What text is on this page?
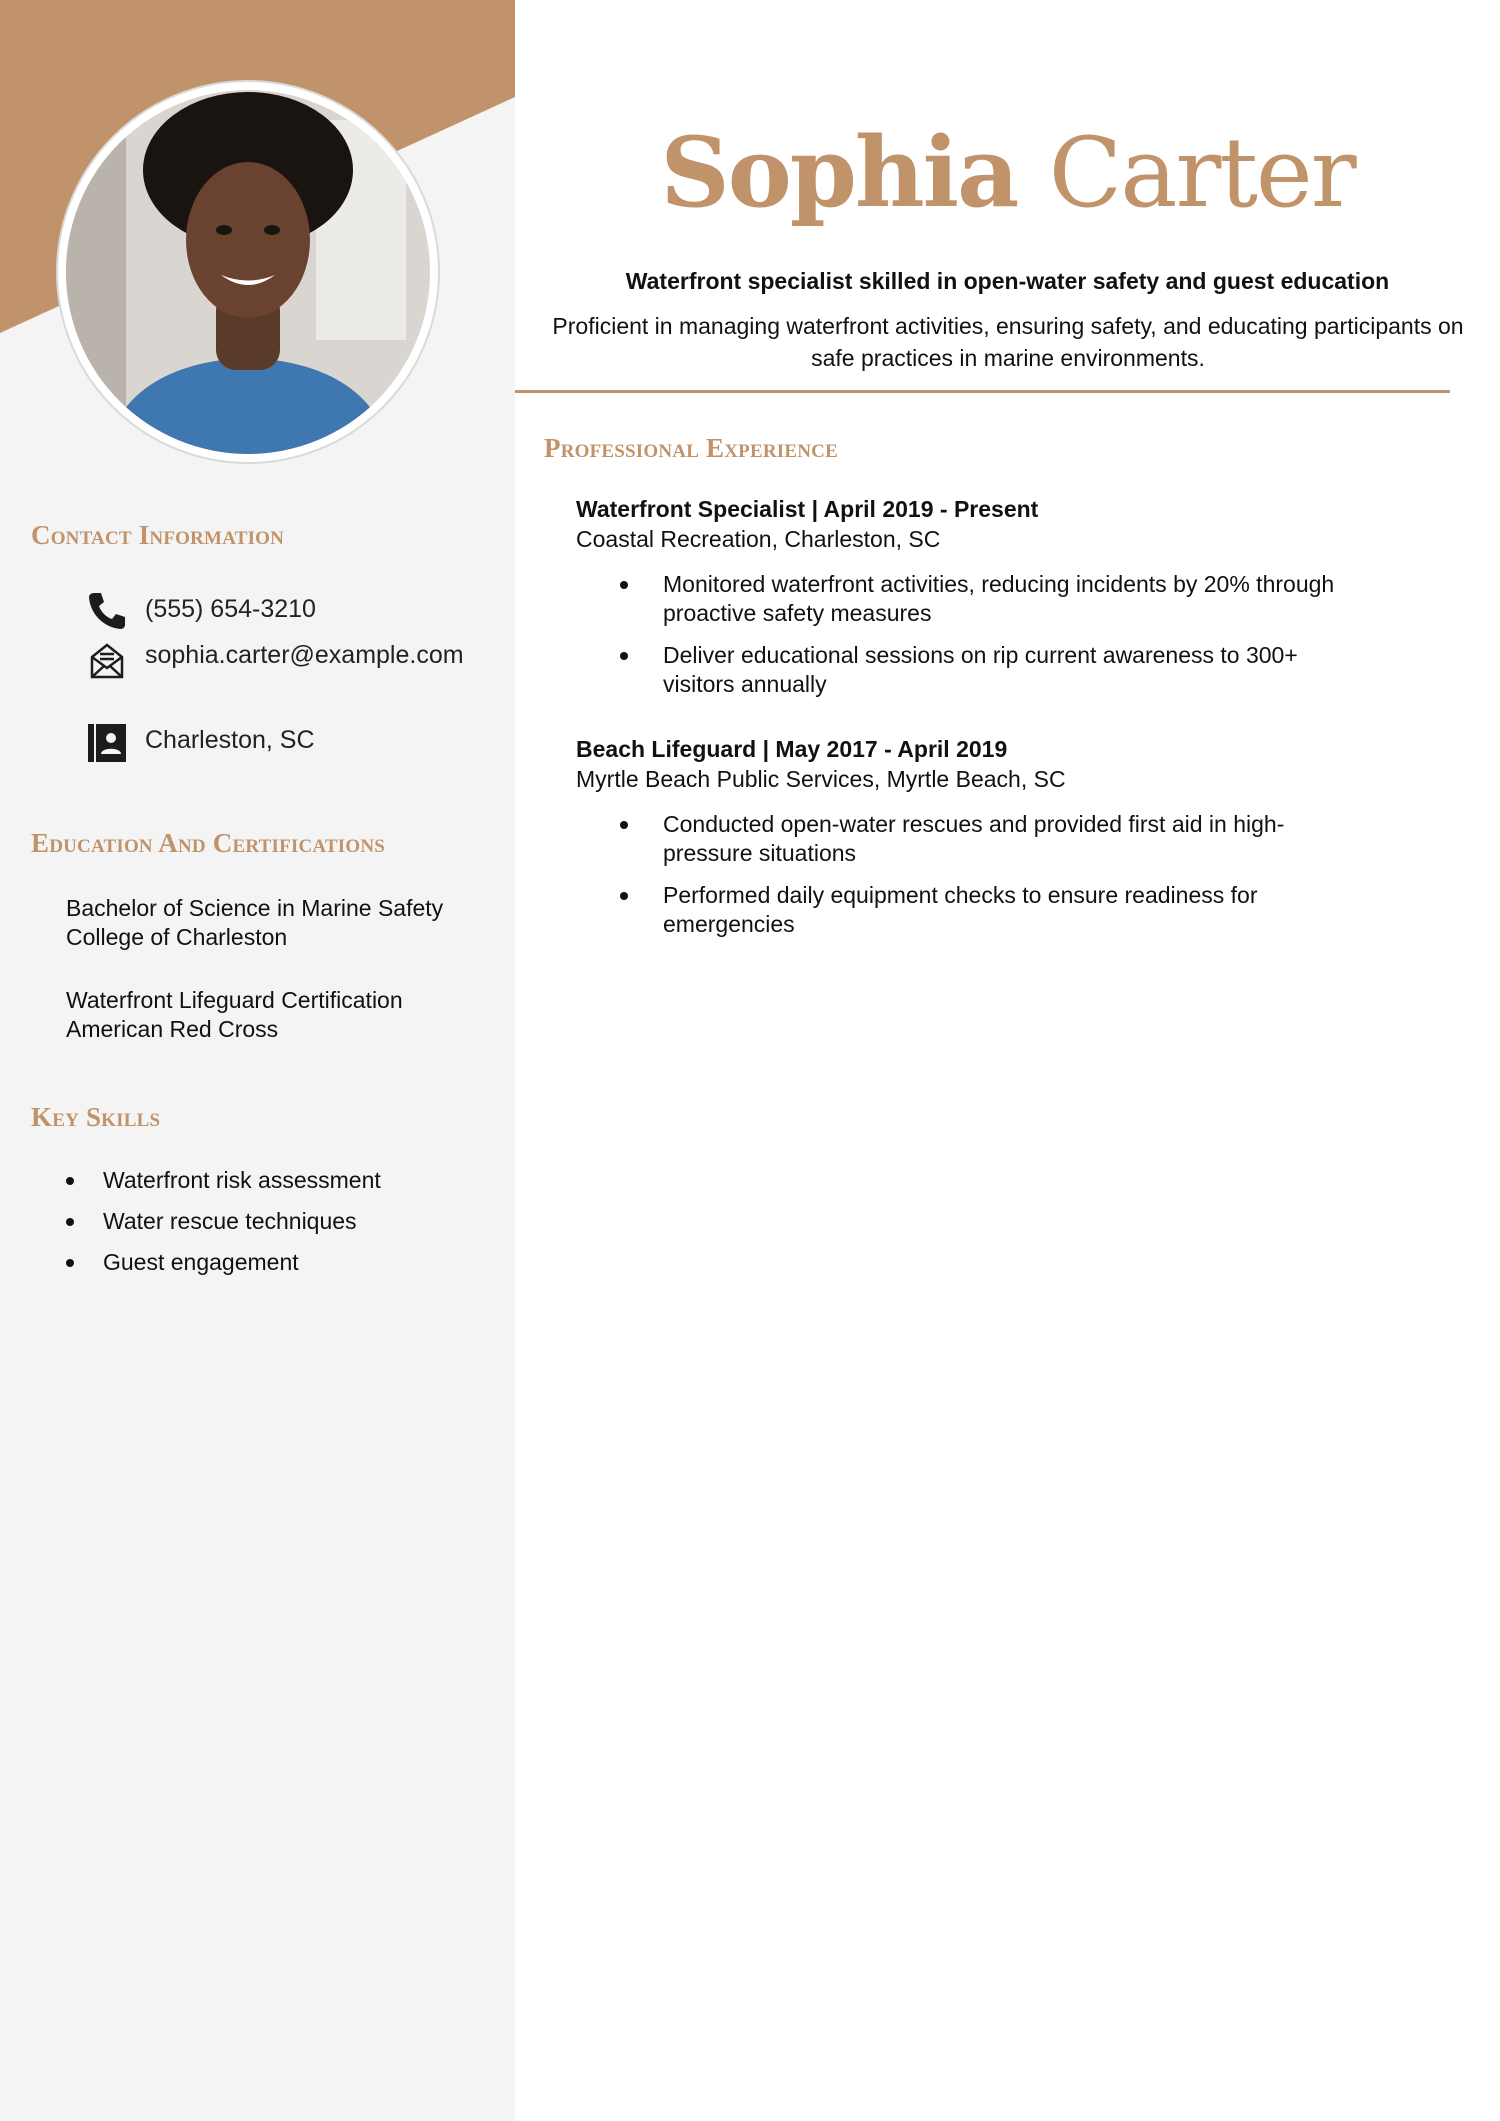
Contact Information
(555) 654-3210
sophia.carter@example.com
Charleston, SC
Education And Certifications
Bachelor of Science in Marine Safety
College of Charleston
Waterfront Lifeguard Certification
American Red Cross
Key Skills
Waterfront risk assessment
Water rescue techniques
Guest engagement
Sophia Carter
Waterfront specialist skilled in open-water safety and guest education
Proficient in managing waterfront activities, ensuring safety, and educating participants on safe practices in marine environments.
Professional Experience
Waterfront Specialist | April 2019 - Present
Coastal Recreation, Charleston, SC
Monitored waterfront activities, reducing incidents by 20% through proactive safety measures
Deliver educational sessions on rip current awareness to 300+ visitors annually
Beach Lifeguard | May 2017 - April 2019
Myrtle Beach Public Services, Myrtle Beach, SC
Conducted open-water rescues and provided first aid in high-pressure situations
Performed daily equipment checks to ensure readiness for emergencies
